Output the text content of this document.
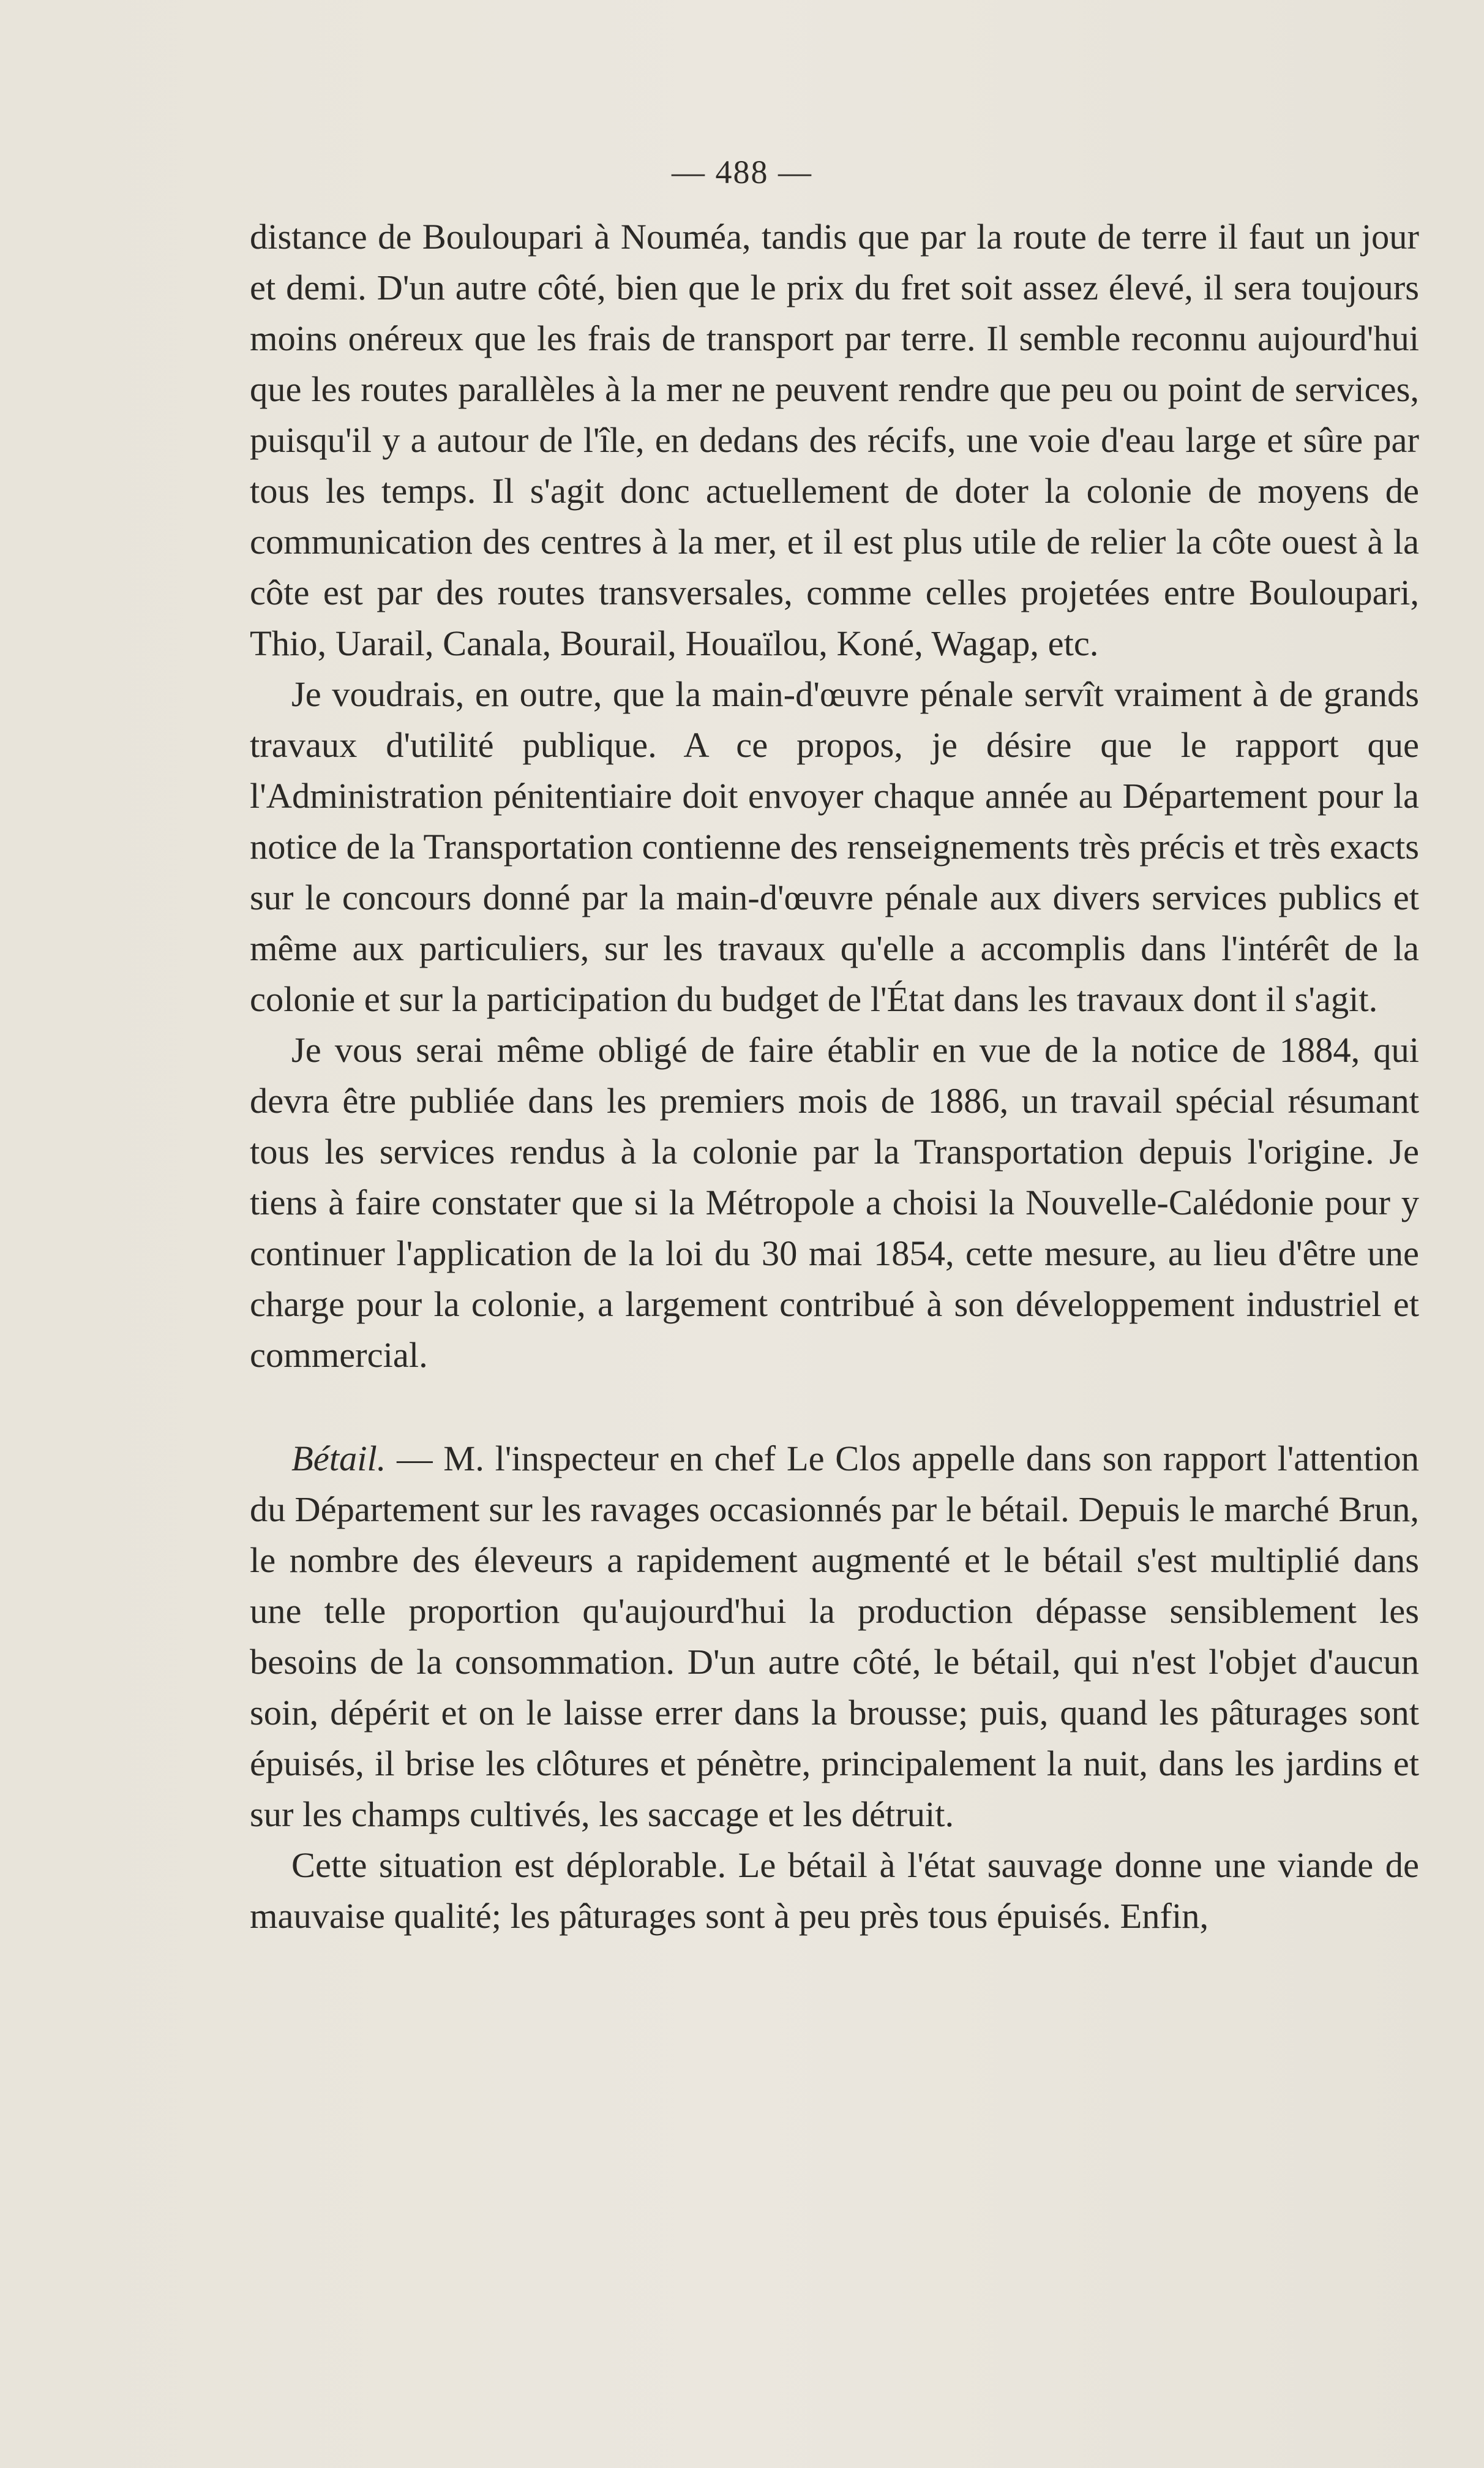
— 488 —

distance de Bouloupari à Nouméa, tandis que par la route de terre il faut un jour et demi. D'un autre côté, bien que le prix du fret soit assez élevé, il sera toujours moins onéreux que les frais de transport par terre. Il semble reconnu aujourd'hui que les routes parallèles à la mer ne peuvent rendre que peu ou point de services, puisqu'il y a autour de l'île, en dedans des récifs, une voie d'eau large et sûre par tous les temps. Il s'agit donc actuellement de doter la colonie de moyens de communication des centres à la mer, et il est plus utile de relier la côte ouest à la côte est par des routes transversales, comme celles projetées entre Bouloupari, Thio, Uarail, Canala, Bourail, Houaïlou, Koné, Wagap, etc.

Je voudrais, en outre, que la main-d'œuvre pénale servît vraiment à de grands travaux d'utilité publique. A ce propos, je désire que le rapport que l'Administration pénitentiaire doit envoyer chaque année au Département pour la notice de la Transportation contienne des renseignements très précis et très exacts sur le concours donné par la main-d'œuvre pénale aux divers services publics et même aux particuliers, sur les travaux qu'elle a accomplis dans l'intérêt de la colonie et sur la participation du budget de l'État dans les travaux dont il s'agit.

Je vous serai même obligé de faire établir en vue de la notice de 1884, qui devra être publiée dans les premiers mois de 1886, un travail spécial résumant tous les services rendus à la colonie par la Transportation depuis l'origine. Je tiens à faire constater que si la Métropole a choisi la Nouvelle-Calédonie pour y continuer l'application de la loi du 30 mai 1854, cette mesure, au lieu d'être une charge pour la colonie, a largement contribué à son développement industriel et commercial.

Bétail. — M. l'inspecteur en chef Le Clos appelle dans son rapport l'attention du Département sur les ravages occasionnés par le bétail. Depuis le marché Brun, le nombre des éleveurs a rapidement augmenté et le bétail s'est multiplié dans une telle proportion qu'aujourd'hui la production dépasse sensiblement les besoins de la consommation. D'un autre côté, le bétail, qui n'est l'objet d'aucun soin, dépérit et on le laisse errer dans la brousse; puis, quand les pâturages sont épuisés, il brise les clôtures et pénètre, principalement la nuit, dans les jardins et sur les champs cultivés, les saccage et les détruit.

Cette situation est déplorable. Le bétail à l'état sauvage donne une viande de mauvaise qualité; les pâturages sont à peu près tous épuisés. Enfin,
